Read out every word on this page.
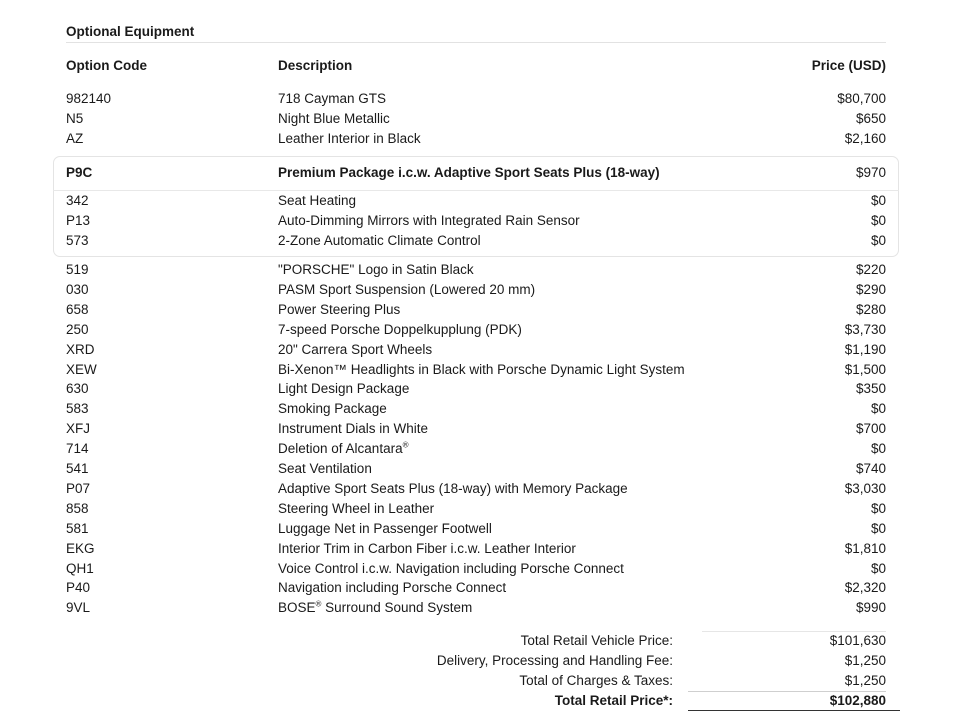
Optional Equipment
Option Code	Description	Price (USD)
982140	718 Cayman GTS	$80,700
N5	Night Blue Metallic	$650
AZ	Leather Interior in Black	$2,160
P9C	Premium Package i.c.w. Adaptive Sport Seats Plus (18-way)	$970
342	Seat Heating	$0
P13	Auto-Dimming Mirrors with Integrated Rain Sensor	$0
573	2-Zone Automatic Climate Control	$0
519	"PORSCHE" Logo in Satin Black	$220
030	PASM Sport Suspension (Lowered 20 mm)	$290
658	Power Steering Plus	$280
250	7-speed Porsche Doppelkupplung (PDK)	$3,730
XRD	20" Carrera Sport Wheels	$1,190
XEW	Bi-Xenon™ Headlights in Black with Porsche Dynamic Light System	$1,500
630	Light Design Package	$350
583	Smoking Package	$0
XFJ	Instrument Dials in White	$700
714	Deletion of Alcantara®	$0
541	Seat Ventilation	$740
P07	Adaptive Sport Seats Plus (18-way) with Memory Package	$3,030
858	Steering Wheel in Leather	$0
581	Luggage Net in Passenger Footwell	$0
EKG	Interior Trim in Carbon Fiber i.c.w. Leather Interior	$1,810
QH1	Voice Control i.c.w. Navigation including Porsche Connect	$0
P40	Navigation including Porsche Connect	$2,320
9VL	BOSE® Surround Sound System	$990
Total Retail Vehicle Price:	$101,630
Delivery, Processing and Handling Fee:	$1,250
Total of Charges & Taxes:	$1,250
Total Retail Price*:	$102,880
